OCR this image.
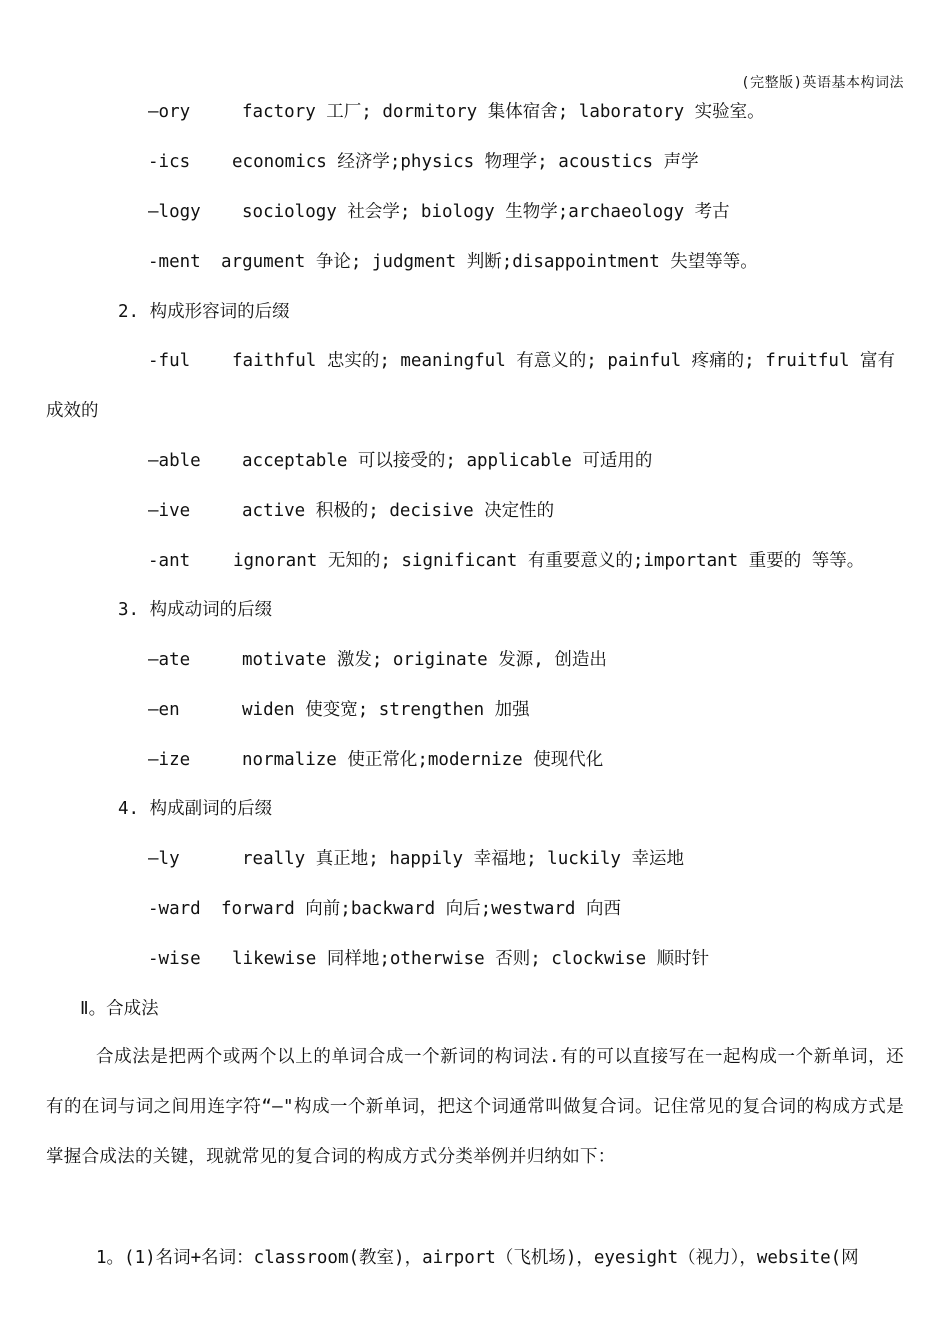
(完整版)英语基本构词法
—ory	factory 工厂; dormitory 集体宿舍; laboratory 实验室。
-ics economics 经济学;physics 物理学; acoustics 声学
—logy sociology 社会学; biology 生物学;archaeology 考古
-ment argument 争论; judgment 判断;disappointment 失望等等。
2. 构成形容词的后缀
-ful faithful 忠实的; meaningful 有意义的; painful 疼痛的; fruitful 富有
成效的
—able acceptable 可以接受的; applicable 可适用的
—ive	active 积极的; decisive 决定性的
-ant ignorant 无知的; significant 有重要意义的;important 重要的 等等。
3. 构成动词的后缀
—ate	motivate 激发; originate 发源, 创造出
—en	widen 使变宽; strengthen 加强
—ize	normalize 使正常化;modernize 使现代化
4. 构成副词的后缀
—ly	really 真正地; happily 幸福地; luckily 幸运地
-ward forward 向前;backward 向后;westward 向西
-wise likewise 同样地;otherwise 否则; clockwise 顺时针
Ⅱ。合成法
合成法是把两个或两个以上的单词合成一个新词的构词法.有的可以直接写在一起构成一个新单词，还有的在词与词之间用连字符“—"构成一个新单词，把这个词通常叫做复合词。记住常见的复合词的构成方式是掌握合成法的关键，现就常见的复合词的构成方式分类举例并归纳如下：
1。(1)名词+名词：classroom(教室)，airport（飞机场)，eyesight（视力），website(网
